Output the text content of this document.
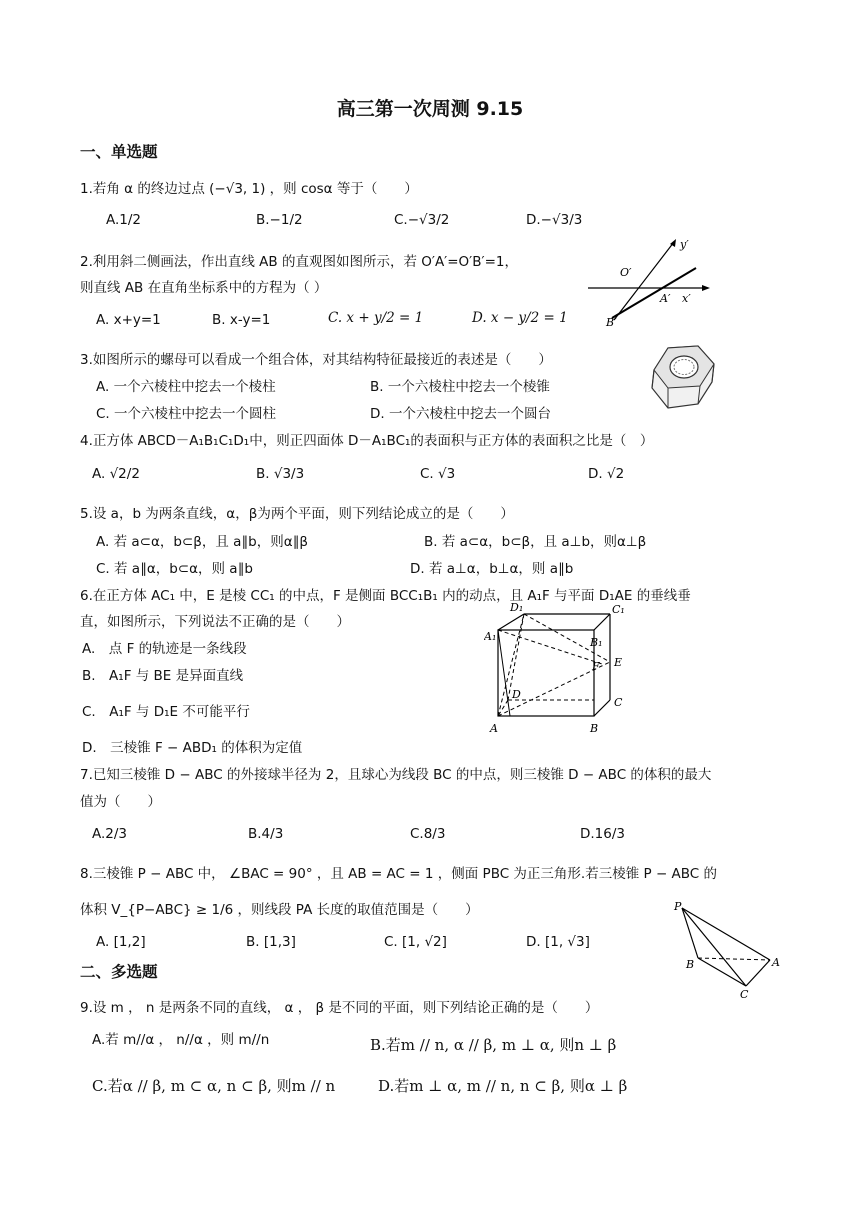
高三第一次周测 9.15
一、单选题
1.若角 α 的终边过点 (−√3, 1) ，则 cosα 等于（　　）
A.1/2	B.−1/2	C.−√3/2	D.−√3/3
2.利用斜二侧画法，作出直线 AB 的直观图如图所示，若 O′A′=O′B′=1，
则直线 AB 在直角坐标系中的方程为（ ）
A. x+y=1	B. x-y=1	C. x + y/2 = 1	D. x − y/2 = 1
y′
O′
A′ x′
B′
3.如图所示的螺母可以看成一个组合体，对其结构特征最接近的表述是（　　）
A. 一个六棱柱中挖去一个棱柱	B. 一个六棱柱中挖去一个棱锥
C. 一个六棱柱中挖去一个圆柱	D. 一个六棱柱中挖去一个圆台
4.正方体 ABCD－A₁B₁C₁D₁中，则正四面体 D－A₁BC₁的表面积与正方体的表面积之比是（　）
A. √2/2	B. √3/3	C. √3	D. √2
5.设 a，b 为两条直线，α，β为两个平面，则下列结论成立的是（　　）
A. 若 a⊂α，b⊂β，且 a∥b，则α∥β	B. 若 a⊂α，b⊂β，且 a⊥b，则α⊥β
C. 若 a∥α，b⊂α，则 a∥b	D. 若 a⊥α，b⊥α，则 a∥b
6.在正方体 AC₁ 中，E 是棱 CC₁ 的中点，F 是侧面 BCC₁B₁ 内的动点，且 A₁F 与平面 D₁AE 的垂线垂
直，如图所示，下列说法不正确的是（　　）
A.　点 F 的轨迹是一条线段
B.　A₁F 与 BE 是异面直线
C.　A₁F 与 D₁E 不可能平行
D.　三棱锥 F − ABD₁ 的体积为定值
D₁	C₁
A₁	B₁
F E
D
C
A	B
7.已知三棱锥 D − ABC 的外接球半径为 2，且球心为线段 BC 的中点，则三棱锥 D − ABC 的体积的最大
值为（　　）
A.2/3	B.4/3	C.8/3	D.16/3
8.三棱锥 P − ABC 中， ∠BAC = 90° ，且 AB = AC = 1 ，侧面 PBC 为正三角形.若三棱锥 P − ABC 的
体积 V_{P−ABC} ≥ 1/6 ，则线段 PA 长度的取值范围是（　　）
A. [1,2]	B. [1,3]	C. [1, √2]	D. [1, √3]
P
B	A
C
二、多选题
9.设 m ， n 是两条不同的直线， α ， β 是不同的平面，则下列结论正确的是（　　）
A.若 m//α ， n//α ，则 m//n	B.若m // n, α // β, m ⊥ α, 则n ⊥ β
C.若α // β, m ⊂ α, n ⊂ β, 则m // n	D.若m ⊥ α, m // n, n ⊂ β, 则α ⊥ β
